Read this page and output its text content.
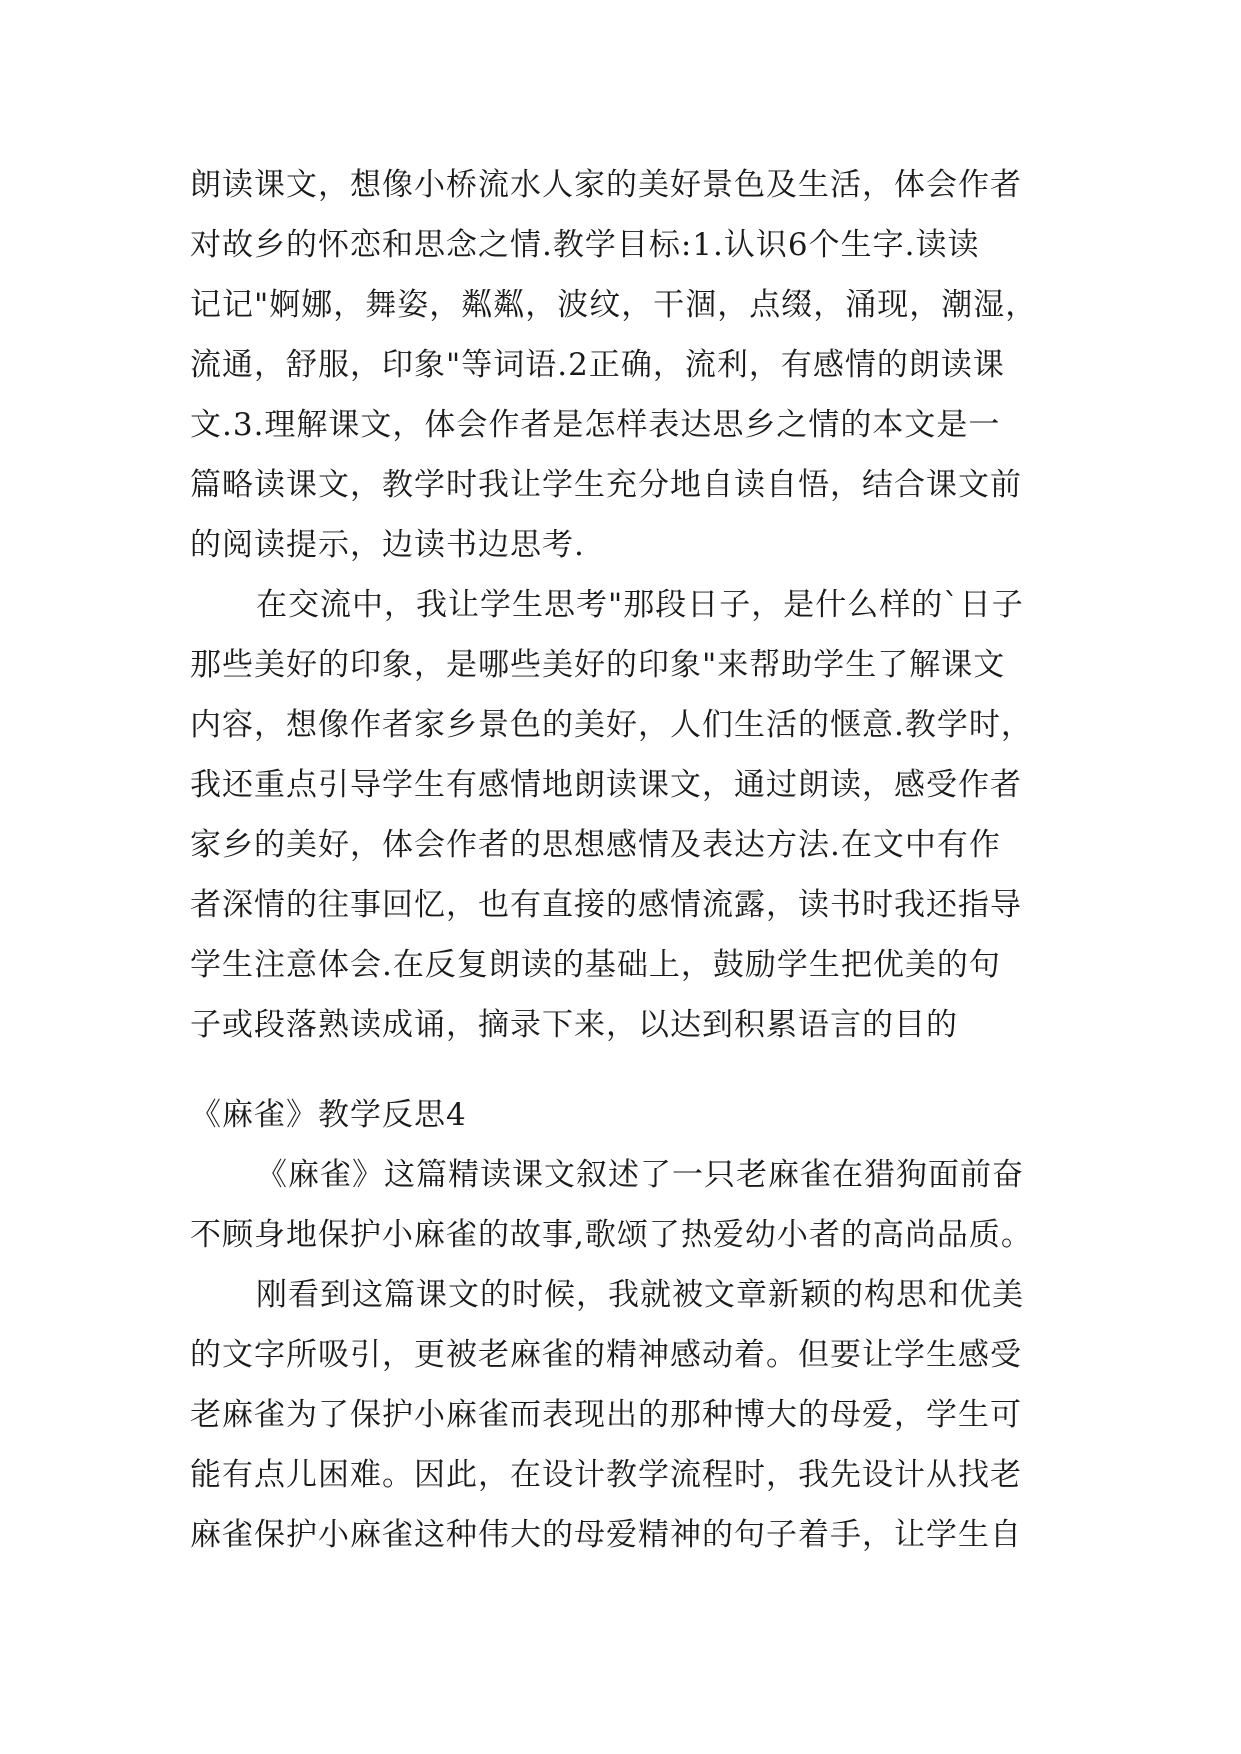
朗读课文，想像小桥流水人家的美好景色及生活，体会作者
对故乡的怀恋和思念之情.教学目标:1.认识6个生字.读读
记记"婀娜，舞姿，粼粼，波纹，干涸，点缀，涌现，潮湿，
流通，舒服，印象"等词语.2正确，流利，有感情的朗读课
文.3.理解课文，体会作者是怎样表达思乡之情的本文是一
篇略读课文，教学时我让学生充分地自读自悟，结合课文前
的阅读提示，边读书边思考.
在交流中，我让学生思考"那段日子，是什么样的`日子
那些美好的印象，是哪些美好的印象"来帮助学生了解课文
内容，想像作者家乡景色的美好，人们生活的惬意.教学时，
我还重点引导学生有感情地朗读课文，通过朗读，感受作者
家乡的美好，体会作者的思想感情及表达方法.在文中有作
者深情的往事回忆，也有直接的感情流露，读书时我还指导
学生注意体会.在反复朗读的基础上，鼓励学生把优美的句
子或段落熟读成诵，摘录下来，以达到积累语言的目的
《麻雀》教学反思4
《麻雀》这篇精读课文叙述了一只老麻雀在猎狗面前奋
不顾身地保护小麻雀的故事,歌颂了热爱幼小者的高尚品质。
刚看到这篇课文的时候，我就被文章新颖的构思和优美
的文字所吸引，更被老麻雀的精神感动着。但要让学生感受
老麻雀为了保护小麻雀而表现出的那种博大的母爱，学生可
能有点儿困难。因此，在设计教学流程时，我先设计从找老
麻雀保护小麻雀这种伟大的母爱精神的句子着手，让学生自
